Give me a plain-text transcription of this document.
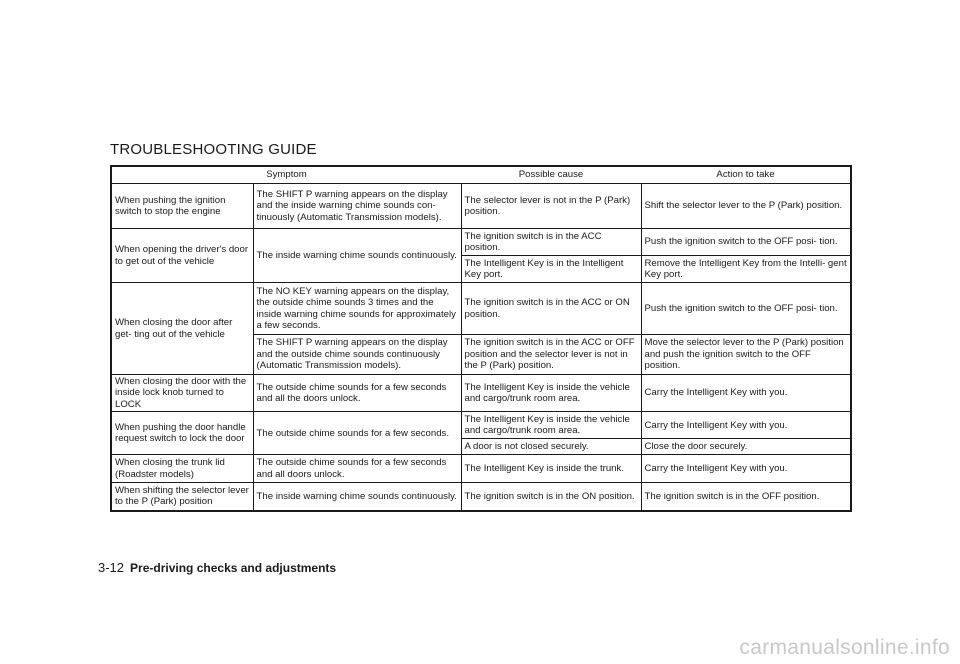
TROUBLESHOOTING GUIDE
Symptom		Possible cause	Action to take
When pushing the ignition switch to stop the engine	The SHIFT P warning appears on the display and the inside warning chime sounds con- tinuously (Automatic Transmission models).	The selector lever is not in the P (Park) position.	Shift the selector lever to the P (Park) position.
When opening the driver's door to get out of the vehicle	The inside warning chime sounds continuously.	The ignition switch is in the ACC position.	Push the ignition switch to the OFF posi- tion.
		The Intelligent Key is in the Intelligent Key port.	Remove the Intelligent Key from the Intelli- gent Key port.
When closing the door after get- ting out of the vehicle	The NO KEY warning appears on the display, the outside chime sounds 3 times and the inside warning chime sounds for approximately a few seconds.	The ignition switch is in the ACC or ON position.	Push the ignition switch to the OFF posi- tion.
	The SHIFT P warning appears on the display and the outside chime sounds continuously (Automatic Transmission models).	The ignition switch is in the ACC or OFF position and the selector lever is not in the P (Park) position.	Move the selector lever to the P (Park) position and push the ignition switch to the OFF position.
When closing the door with the inside lock knob turned to LOCK	The outside chime sounds for a few seconds and all the doors unlock.	The Intelligent Key is inside the vehicle and cargo/trunk room area.	Carry the Intelligent Key with you.
When pushing the door handle request switch to lock the door	The outside chime sounds for a few seconds.	The Intelligent Key is inside the vehicle and cargo/trunk room area.	Carry the Intelligent Key with you.
		A door is not closed securely.	Close the door securely.
When closing the trunk lid (Roadster models)	The outside chime sounds for a few seconds and all doors unlock.	The Intelligent Key is inside the trunk.	Carry the Intelligent Key with you.
When shifting the selector lever to the P (Park) position	The inside warning chime sounds continuously.	The ignition switch is in the ON position.	The ignition switch is in the OFF position.
3-12 Pre-driving checks and adjustments
carmanualsonline.info
